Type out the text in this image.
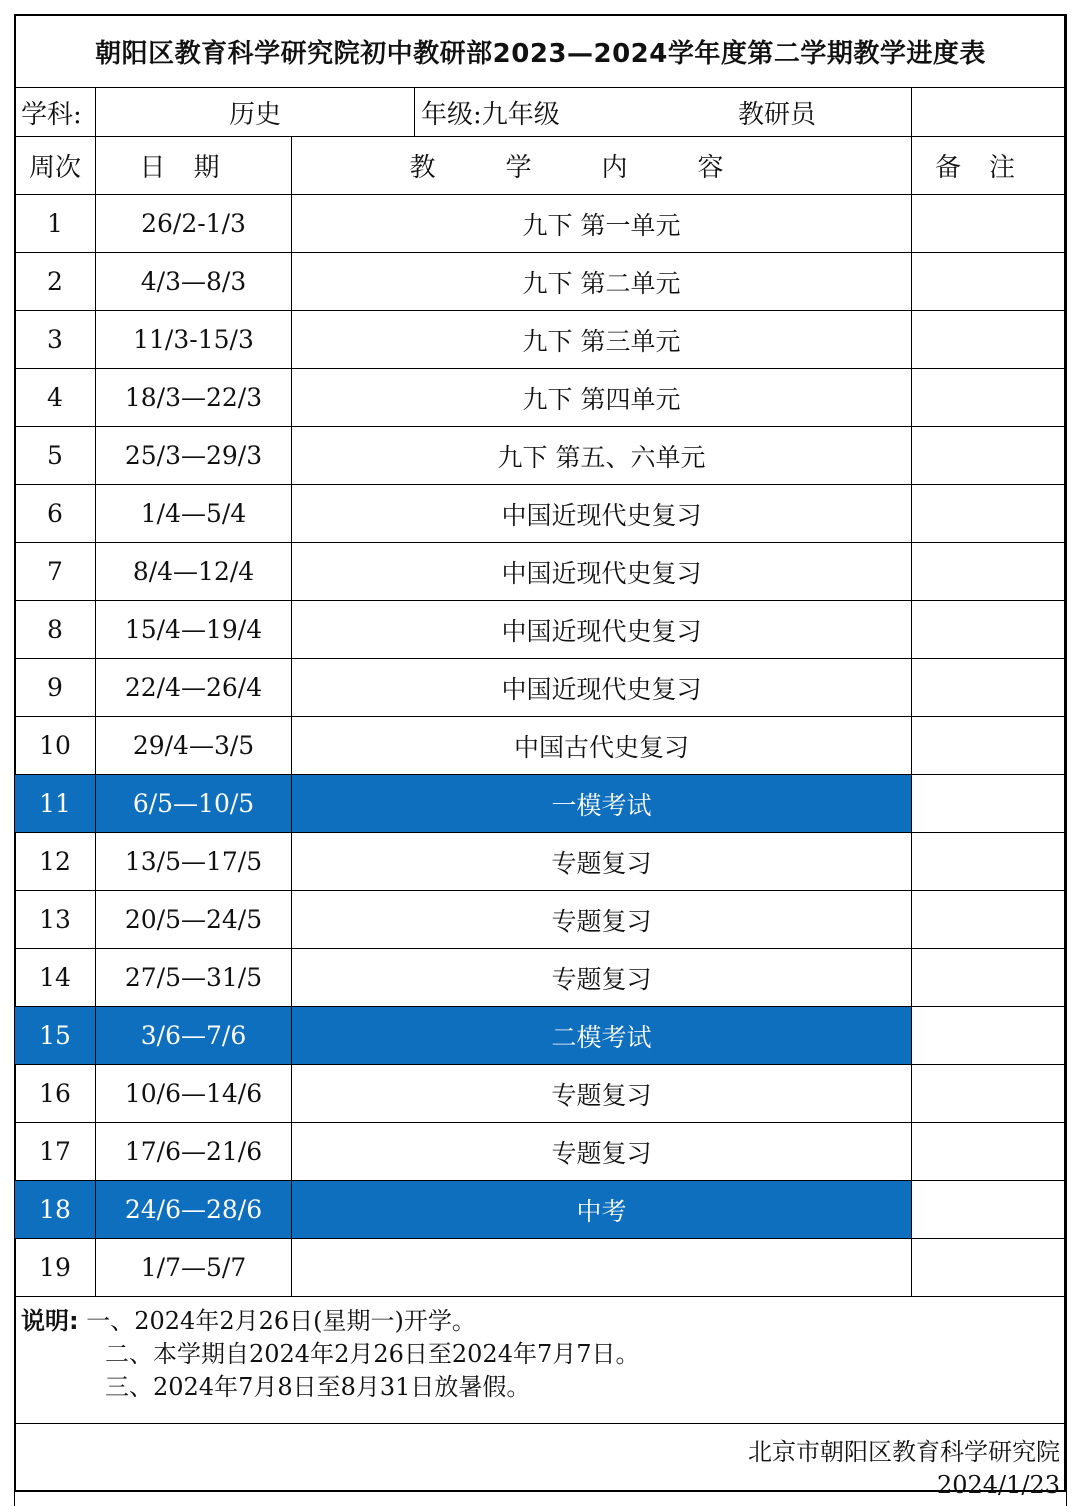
朝阳区教育科学研究院初中教研部2023—2024学年度第二学期教学进度表				
学科:	历史		年级:九年级 教研员	
周次	日期	教学内容		备注
1	26/2-1/3	九下 第一单元		
2	4/3—8/3	九下 第二单元		
3	11/3-15/3	九下 第三单元		
4	18/3—22/3	九下 第四单元		
5	25/3—29/3	九下 第五、六单元		
6	1/4—5/4	中国近现代史复习		
7	8/4—12/4	中国近现代史复习		
8	15/4—19/4	中国近现代史复习		
9	22/4—26/4	中国近现代史复习		
10	29/4—3/5	中国古代史复习		
11	6/5—10/5	一模考试		
12	13/5—17/5	专题复习		
13	20/5—24/5	专题复习		
14	27/5—31/5	专题复习		
15	3/6—7/6	二模考试		
16	10/6—14/6	专题复习		
17	17/6—21/6	专题复习		
18	24/6—28/6	中考		
19	1/7—5/7			

说明: 一、2024年2月26日(星期一)开学。
二、本学期自2024年2月26日至2024年7月7日。
三、2024年7月8日至8月31日放暑假。				

北京市朝阳区教育科学研究院
2024/1/23				
